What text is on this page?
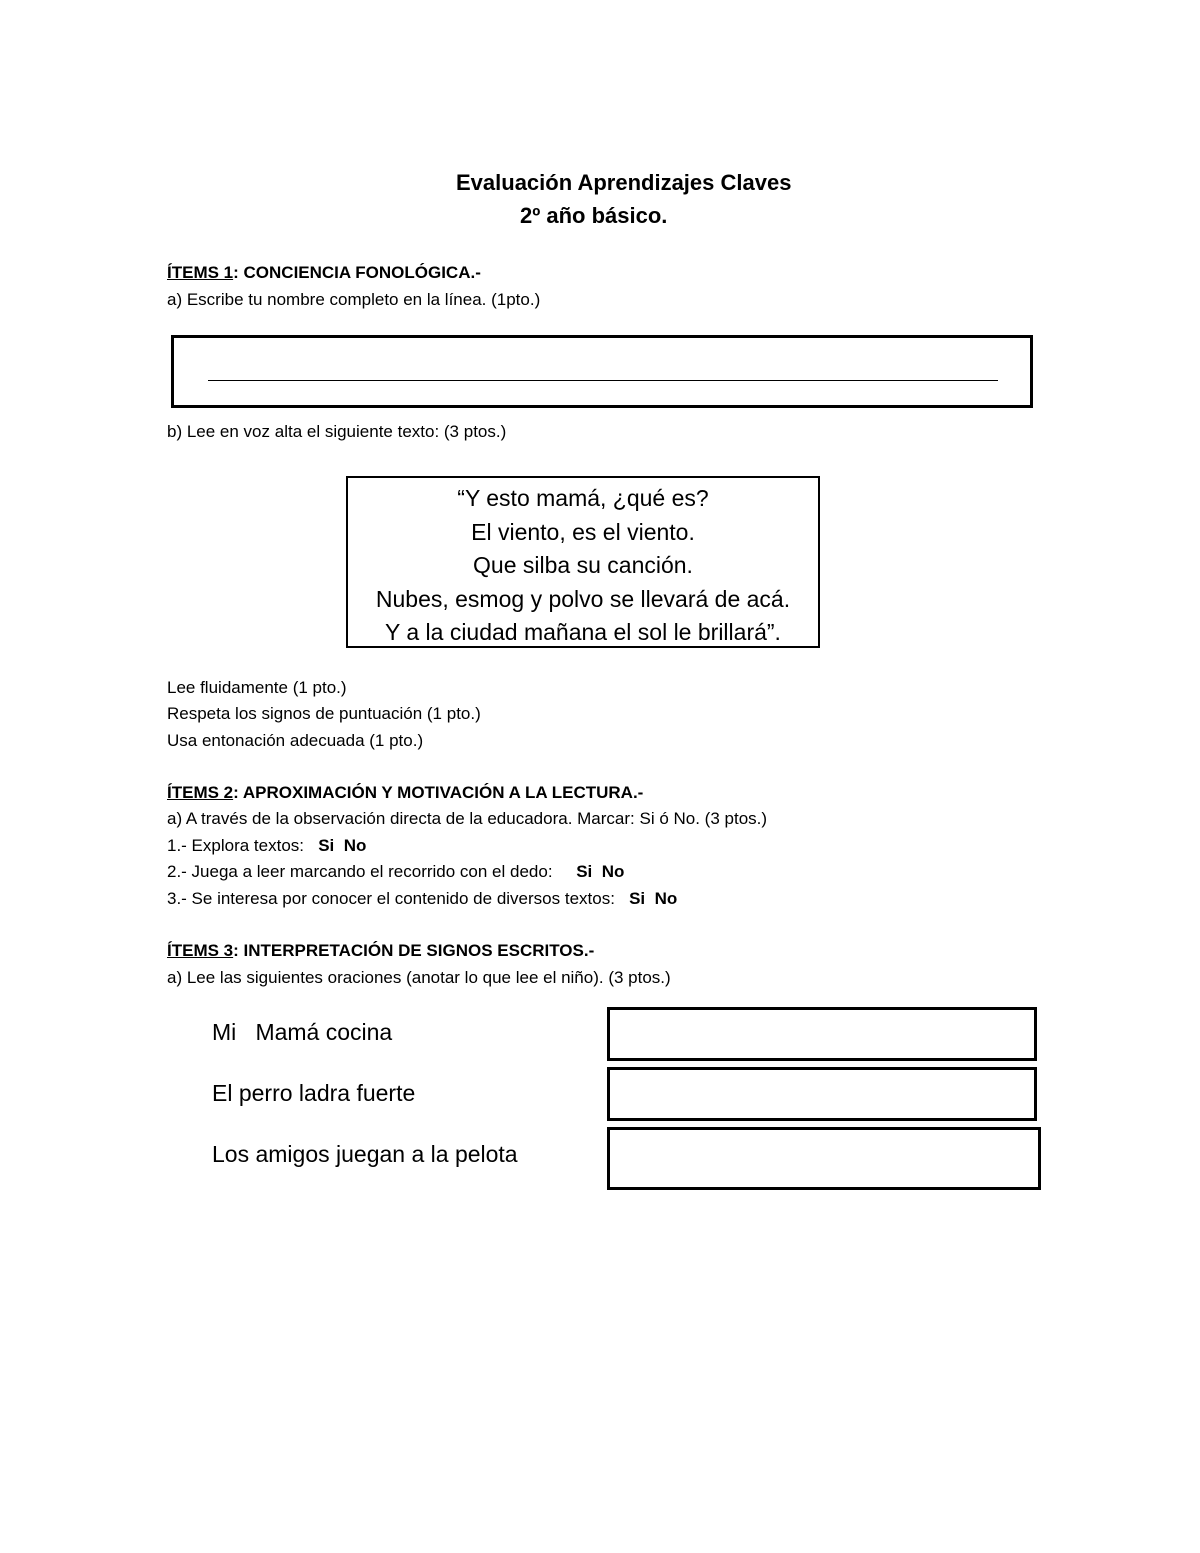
Evaluación Aprendizajes Claves
2º año básico.
ÍTEMS 1: CONCIENCIA FONOLÓGICA.-
a) Escribe tu nombre completo en la línea. (1pto.)
b) Lee en voz alta el siguiente texto: (3 ptos.)
“Y esto mamá, ¿qué es?
El viento, es el viento.
Que silba su canción.
Nubes, esmog y polvo se llevará de acá.
Y a la ciudad mañana el sol le brillará”.
Lee fluidamente (1 pto.)
Respeta los signos de puntuación (1 pto.)
Usa entonación adecuada (1 pto.)
ÍTEMS 2: APROXIMACIÓN Y MOTIVACIÓN A LA LECTURA.-
a) A través de la observación directa de la educadora. Marcar: Si ó No. (3 ptos.)
1.- Explora textos: Si No
2.- Juega a leer marcando el recorrido con el dedo: Si No
3.- Se interesa por conocer el contenido de diversos textos: Si No
ÍTEMS 3: INTERPRETACIÓN DE SIGNOS ESCRITOS.-
a) Lee las siguientes oraciones (anotar lo que lee el niño). (3 ptos.)
Mi   Mamá cocina
El perro ladra fuerte
Los amigos juegan a la pelota
